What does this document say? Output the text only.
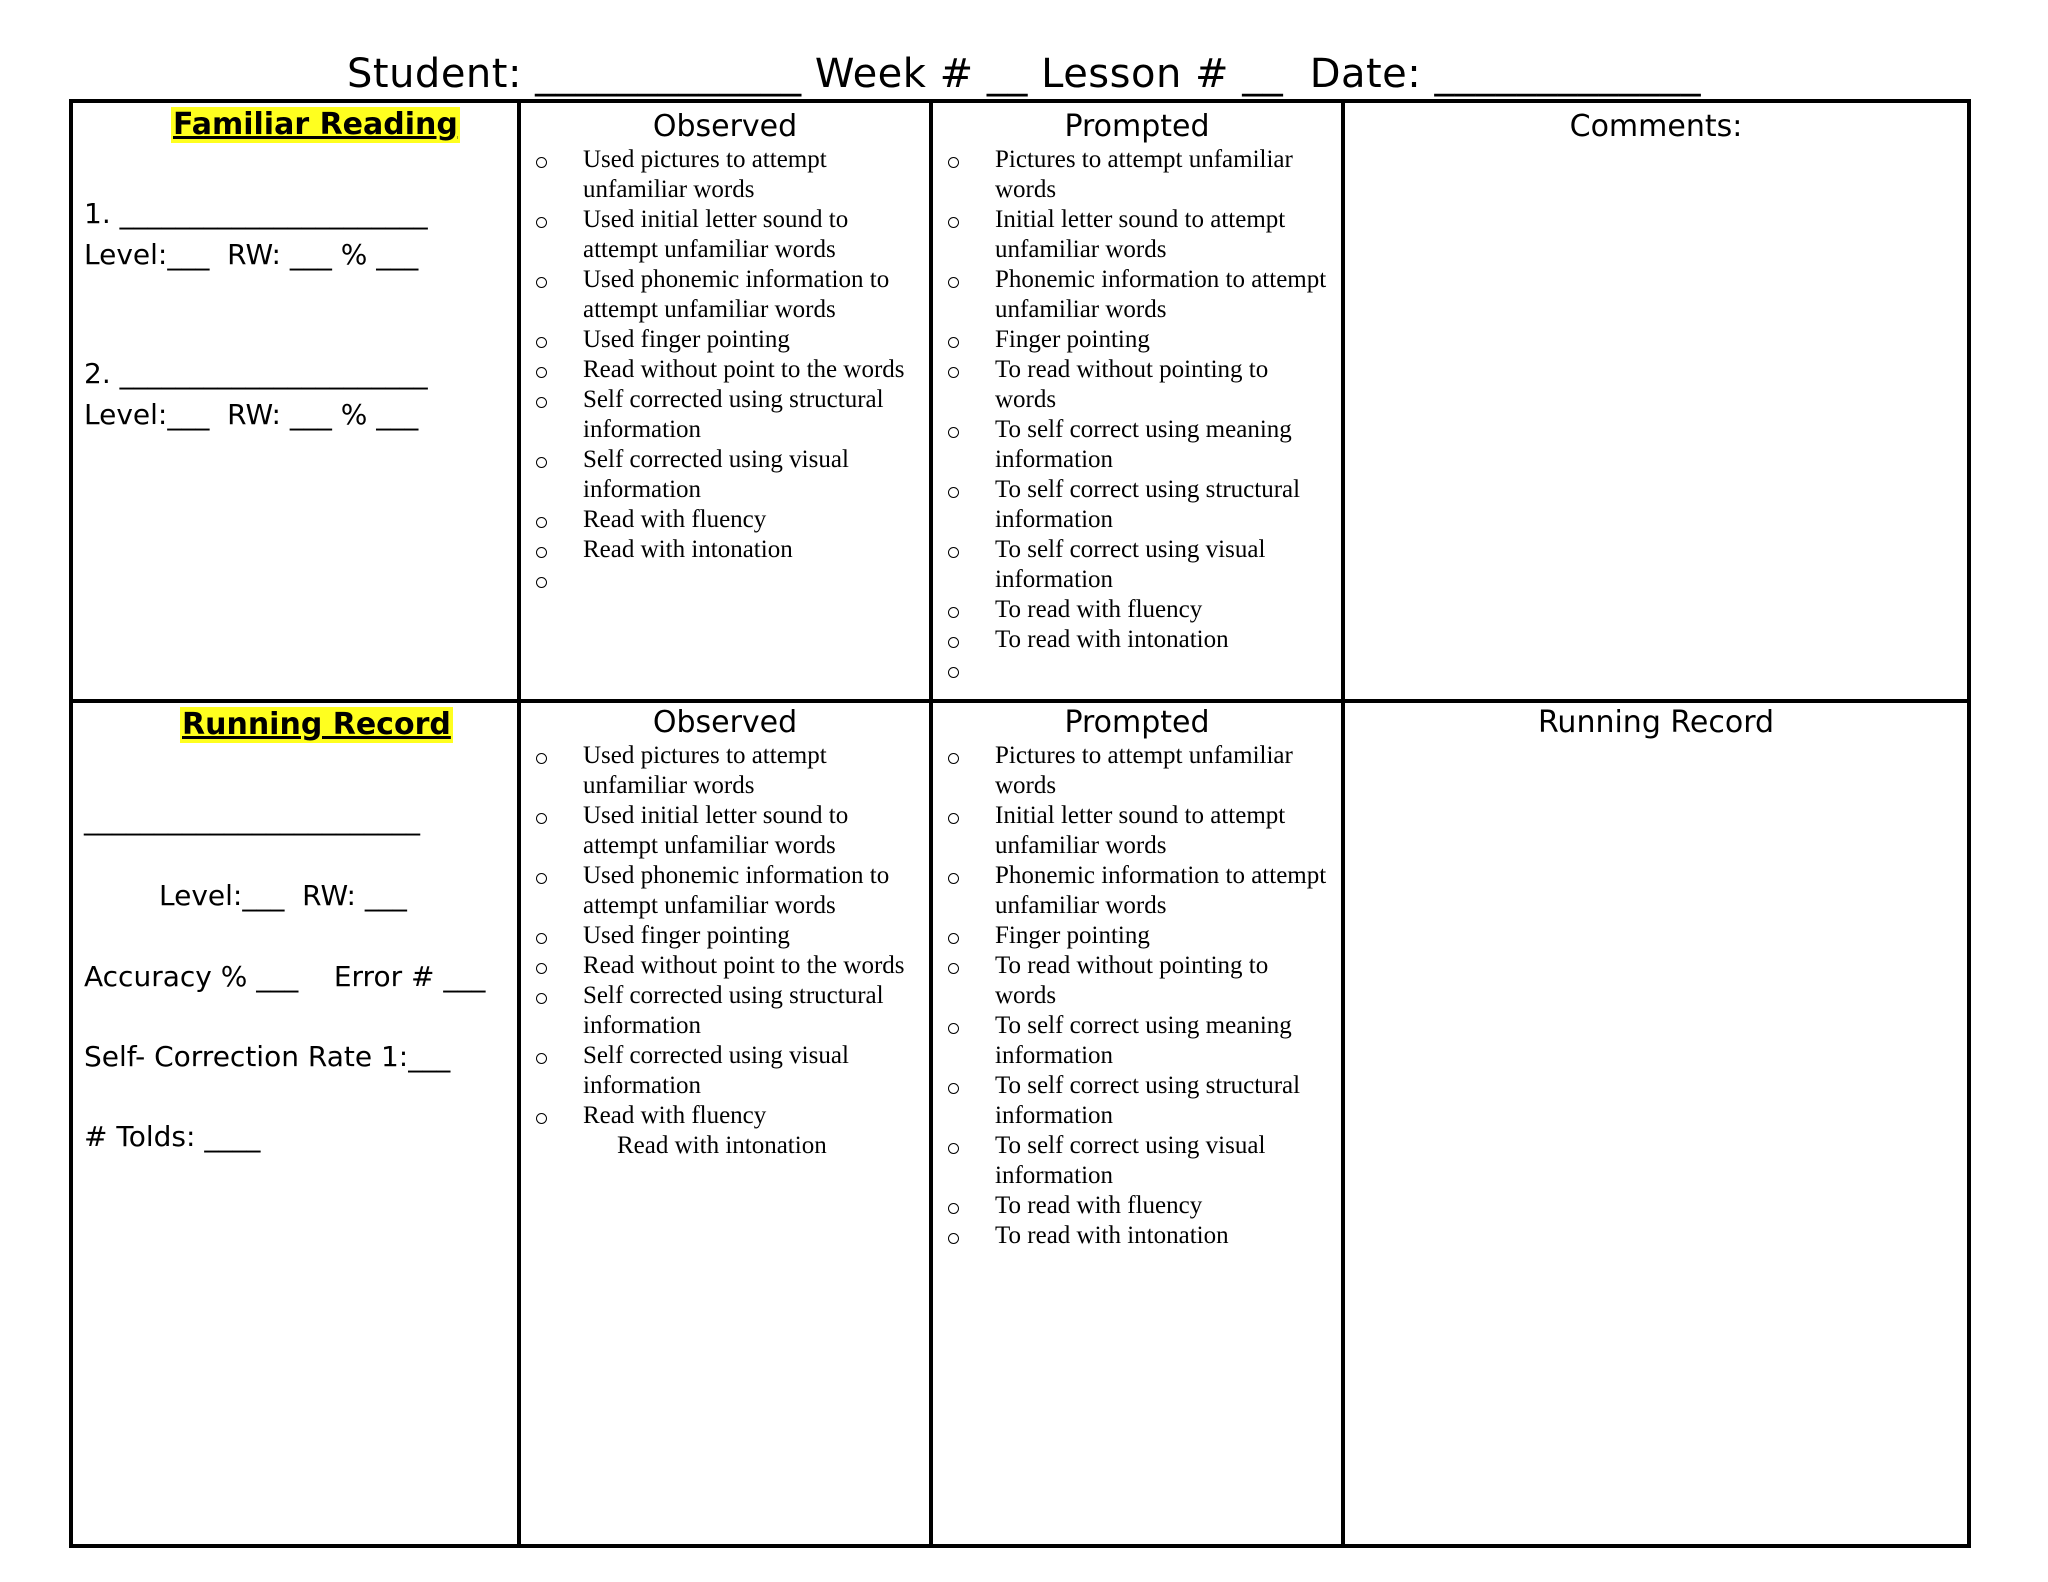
Student: _____________ Week # __ Lesson # __  Date: _____________
Familiar Reading
1. ______________________
Level:___  RW: ___ % ___
2. ______________________
Level:___  RW: ___ % ___
Observed
Used pictures to attempt unfamiliar words
Used initial letter sound to attempt unfamiliar words
Used phonemic information to attempt unfamiliar words
Used finger pointing
Read without point to the words
Self corrected using structural information
Self corrected using visual information
Read with fluency
Read with intonation
Prompted
Pictures to attempt unfamiliar words
Initial letter sound to attempt unfamiliar words
Phonemic information to attempt unfamiliar words
Finger pointing
To read without pointing to words
To self correct using meaning information
To self correct using structural information
To self correct using visual information
To read with fluency
To read with intonation
Comments:
Running Record
________________________
Level:___  RW: ___
Accuracy % ___    Error # ___
Self- Correction Rate 1:___
# Tolds: ____
Observed
Used pictures to attempt unfamiliar words
Used initial letter sound to attempt unfamiliar words
Used phonemic information to attempt unfamiliar words
Used finger pointing
Read without point to the words
Self corrected using structural information
Self corrected using visual information
Read with fluency
Read with intonation
Prompted
Pictures to attempt unfamiliar words
Initial letter sound to attempt unfamiliar words
Phonemic information to attempt unfamiliar words
Finger pointing
To read without pointing to words
To self correct using meaning information
To self correct using structural information
To self correct using visual information
To read with fluency
To read with intonation
Running Record
